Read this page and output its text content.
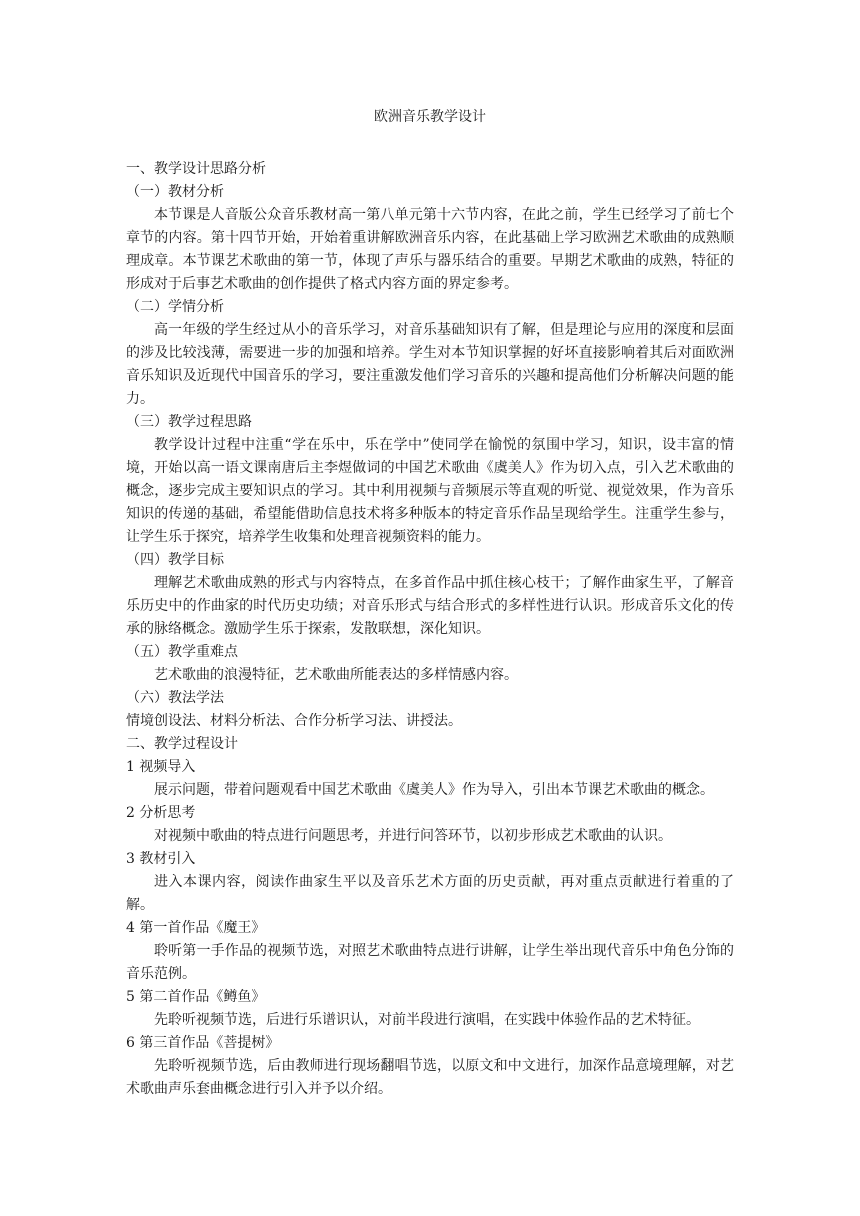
欧洲音乐教学设计

一、教学设计思路分析

（一）教材分析

本节课是人音版公众音乐教材高一第八单元第十六节内容，在此之前，学生已经学习了前七个章节的内容。第十四节开始，开始着重讲解欧洲音乐内容，在此基础上学习欧洲艺术歌曲的成熟顺理成章。本节课艺术歌曲的第一节，体现了声乐与器乐结合的重要。早期艺术歌曲的成熟，特征的形成对于后事艺术歌曲的创作提供了格式内容方面的界定参考。

（二）学情分析

高一年级的学生经过从小的音乐学习，对音乐基础知识有了解，但是理论与应用的深度和层面的涉及比较浅薄，需要进一步的加强和培养。学生对本节知识掌握的好坏直接影响着其后对面欧洲音乐知识及近现代中国音乐的学习，要注重激发他们学习音乐的兴趣和提高他们分析解决问题的能力。

（三）教学过程思路

教学设计过程中注重“学在乐中，乐在学中”使同学在愉悦的氛围中学习，知识，设丰富的情境，开始以高一语文课南唐后主李煜做词的中国艺术歌曲《虞美人》作为切入点，引入艺术歌曲的概念，逐步完成主要知识点的学习。其中利用视频与音频展示等直观的听觉、视觉效果，作为音乐知识的传递的基础，希望能借助信息技术将多种版本的特定音乐作品呈现给学生。注重学生参与，让学生乐于探究，培养学生收集和处理音视频资料的能力。

（四）教学目标

理解艺术歌曲成熟的形式与内容特点，在多首作品中抓住核心枝干；了解作曲家生平，了解音乐历史中的作曲家的时代历史功绩；对音乐形式与结合形式的多样性进行认识。形成音乐文化的传承的脉络概念。激励学生乐于探索，发散联想，深化知识。

（五）教学重难点

艺术歌曲的浪漫特征，艺术歌曲所能表达的多样情感内容。

（六）教法学法

情境创设法、材料分析法、合作分析学习法、讲授法。

二、教学过程设计

1 视频导入

展示问题，带着问题观看中国艺术歌曲《虞美人》作为导入，引出本节课艺术歌曲的概念。

2 分析思考

对视频中歌曲的特点进行问题思考，并进行问答环节，以初步形成艺术歌曲的认识。

3 教材引入

进入本课内容，阅读作曲家生平以及音乐艺术方面的历史贡献，再对重点贡献进行着重的了解。

4 第一首作品《魔王》

聆听第一手作品的视频节选，对照艺术歌曲特点进行讲解，让学生举出现代音乐中角色分饰的音乐范例。

5 第二首作品《鳟鱼》

先聆听视频节选，后进行乐谱识认，对前半段进行演唱，在实践中体验作品的艺术特征。

6 第三首作品《菩提树》

先聆听视频节选，后由教师进行现场翻唱节选，以原文和中文进行，加深作品意境理解，对艺术歌曲声乐套曲概念进行引入并予以介绍。
